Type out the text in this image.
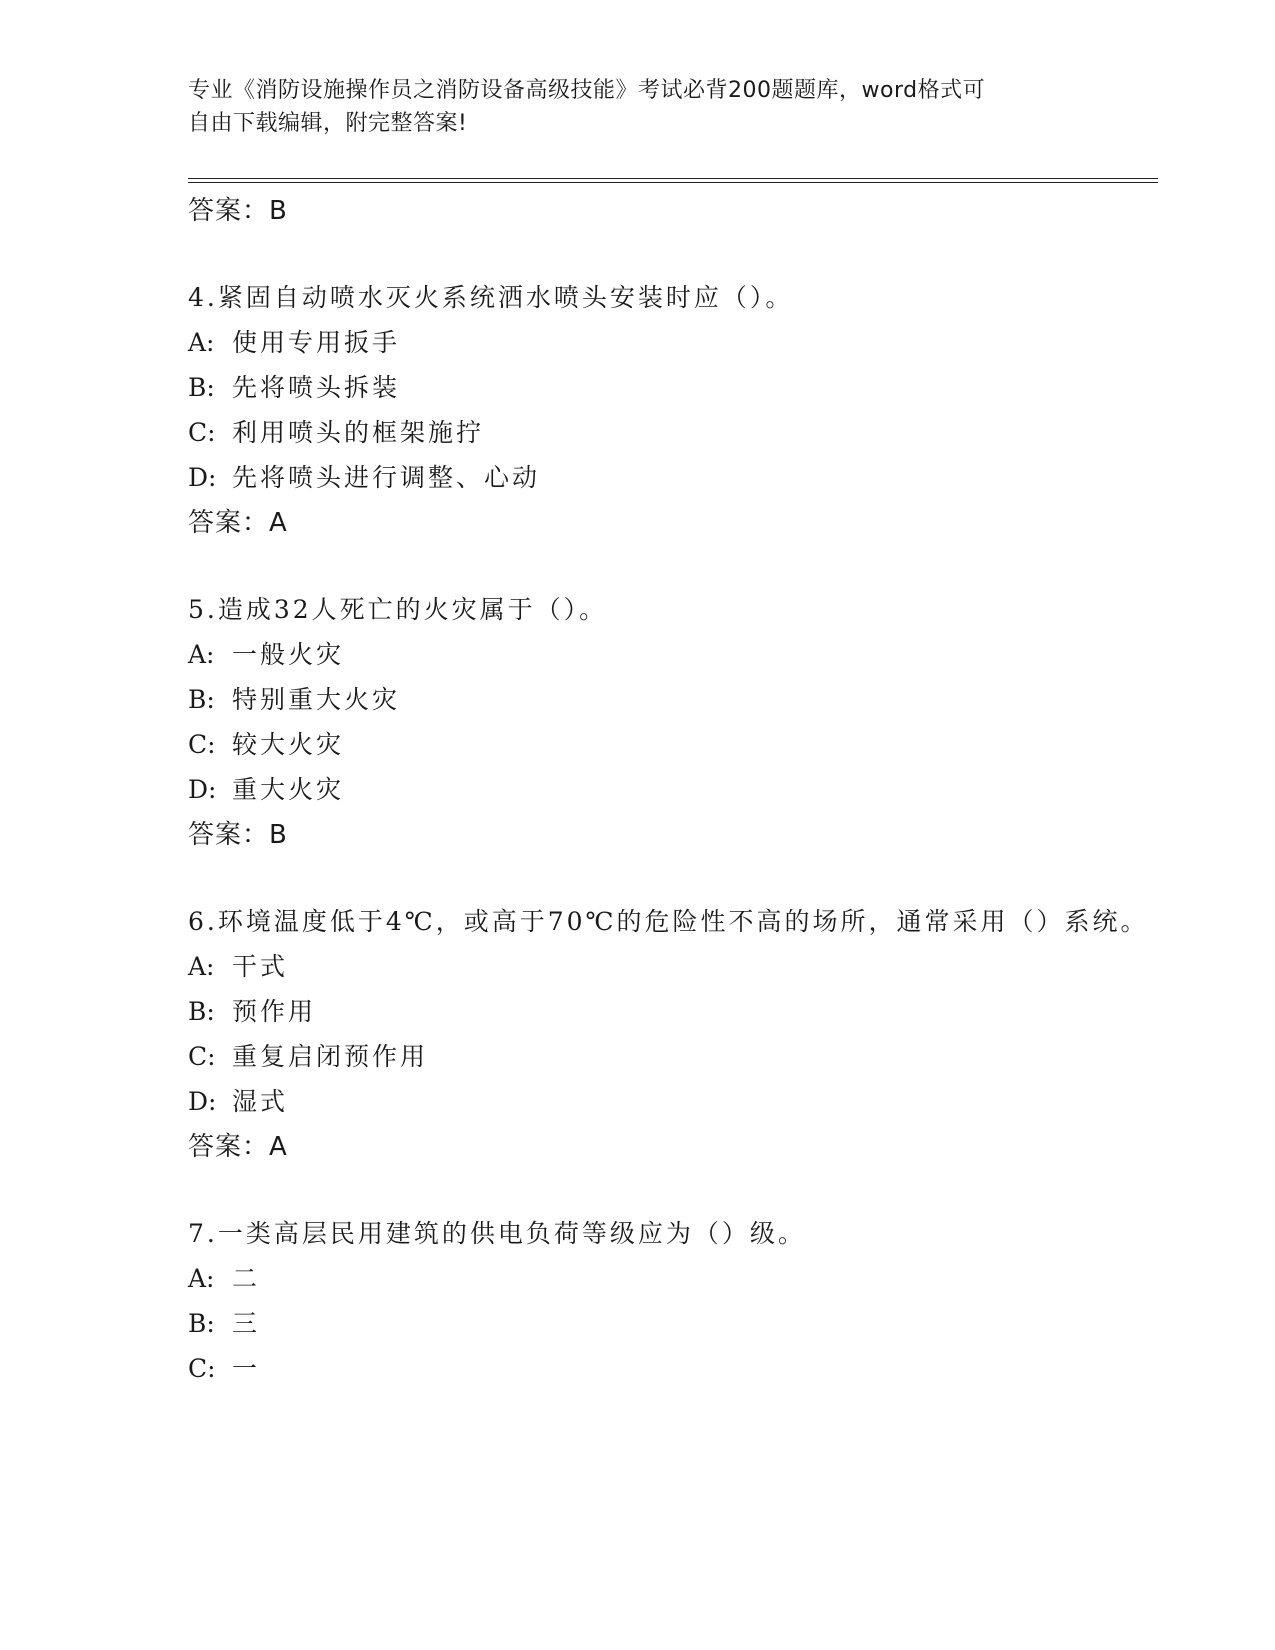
专业《消防设施操作员之消防设备高级技能》考试必背200题题库，word格式可
自由下载编辑，附完整答案!
答案：B
4.紧固自动喷水灭火系统洒水喷头安装时应（）。
A: 使用专用扳手
B: 先将喷头拆装
C: 利用喷头的框架施拧
D: 先将喷头进行调整、心动
答案：A
5.造成32人死亡的火灾属于（）。
A: 一般火灾
B: 特别重大火灾
C: 较大火灾
D: 重大火灾
答案：B
6.环境温度低于4℃，或高于70℃的危险性不高的场所，通常采用（）系统。
A: 干式
B: 预作用
C: 重复启闭预作用
D: 湿式
答案：A
7.一类高层民用建筑的供电负荷等级应为（）级。
A: 二
B: 三
C: 一
